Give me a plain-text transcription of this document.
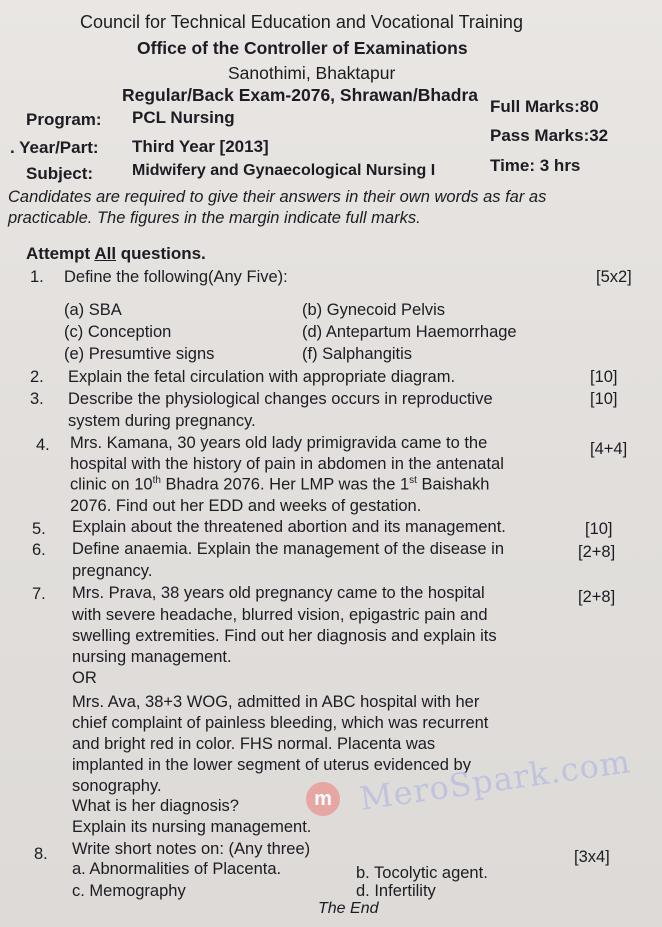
Council for Technical Education and Vocational Training
Office of the Controller of Examinations
Sanothimi, Bhaktapur
Regular/Back Exam-2076, Shrawan/Bhadra
Program: PCL Nursing
Full Marks:80
. Year/Part: Third Year [2013]
Pass Marks:32
Subject: Midwifery and Gynaecological Nursing I	Time: 3 hrs
Candidates are required to give their answers in their own words as far as
practicable. The figures in the margin indicate full marks.
Attempt All questions.
1. Define the following(Any Five):	[5x2]
(a) SBA	(b) Gynecoid Pelvis
(c) Conception	(d) Antepartum Haemorrhage
(e) Presumtive signs	(f) Salphangitis
2. Explain the fetal circulation with appropriate diagram.	[10]
3. Describe the physiological changes occurs in reproductive
system during pregnancy.
[10]
4. Mrs. Kamana, 30 years old lady primigravida came to the
hospital with the history of pain in abdomen in the antenatal
clinic on 10th Bhadra 2076. Her LMP was the 1st Baishakh
2076. Find out her EDD and weeks of gestation.
[4+4]
5. Explain about the threatened abortion and its management.	[10]
6. Define anaemia. Explain the management of the disease in
pregnancy.
[2+8]
7. Mrs. Prava, 38 years old pregnancy came to the hospital
with severe headache, blurred vision, epigastric pain and
swelling extremities. Find out her diagnosis and explain its
nursing management.
OR
Mrs. Ava, 38+3 WOG, admitted in ABC hospital with her
chief complaint of painless bleeding, which was recurrent
and bright red in color. FHS normal. Placenta was
implanted in the lower segment of uterus evidenced by
sonography.
What is her diagnosis?
Explain its nursing management.
[2+8]
8. Write short notes on: (Any three)	[3x4]
a. Abnormalities of Placenta.	b. Tocolytic agent.
c. Memography	d. Infertility
The End
m MeroSpark.com
